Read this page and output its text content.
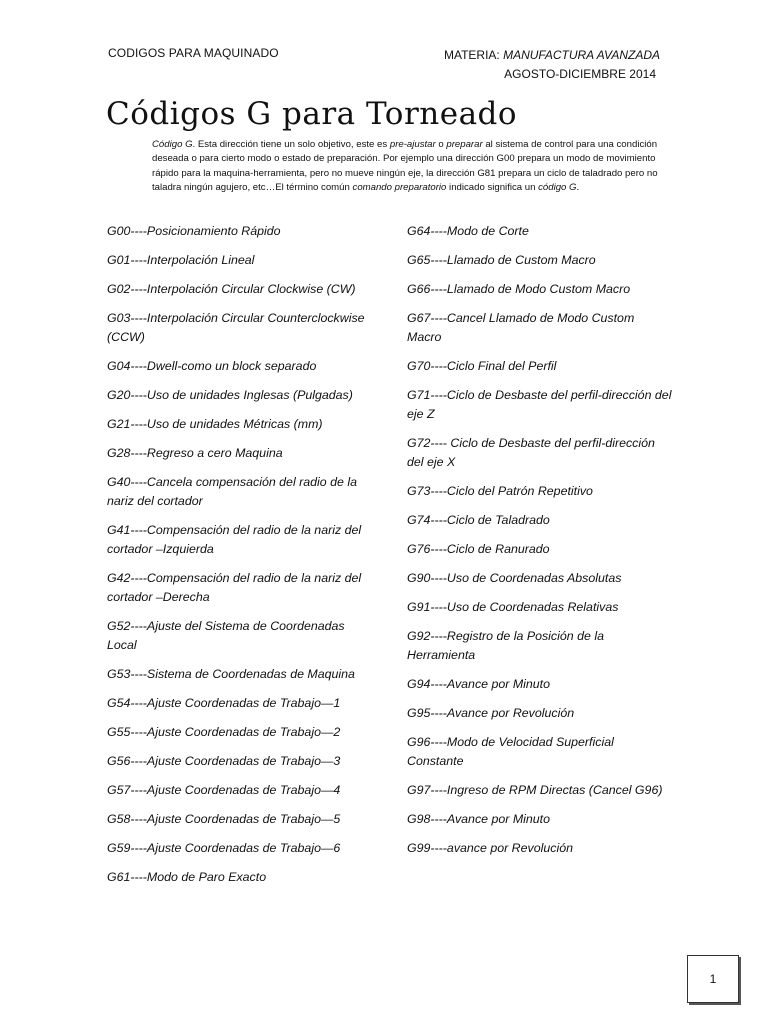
CODIGOS PARA MAQUINADO	MATERIA: MANUFACTURA AVANZADA
AGOSTO-DICIEMBRE 2014
Códigos G para Torneado

Código G. Esta dirección tiene un solo objetivo, este es pre-ajustar o preparar al sistema de control para una condición deseada o para cierto modo o estado de preparación. Por ejemplo una dirección G00 prepara un modo de movimiento rápido para la maquina-herramienta, pero no mueve ningún eje, la dirección G81 prepara un ciclo de taladrado pero no taladra ningún agujero, etc…El término común comando preparatorio indicado significa un código G.

G00----Posicionamiento Rápido
G01----Interpolación Lineal
G02----Interpolación Circular Clockwise (CW)
G03----Interpolación Circular Counterclockwise (CCW)
G04----Dwell-como un block separado
G20----Uso de unidades Inglesas (Pulgadas)
G21----Uso de unidades Métricas (mm)
G28----Regreso a cero Maquina
G40----Cancela compensación del radio de la nariz del cortador
G41----Compensación del radio de la nariz del cortador –Izquierda
G42----Compensación del radio de la nariz del cortador –Derecha
G52----Ajuste del Sistema de Coordenadas Local
G53----Sistema de Coordenadas de Maquina
G54----Ajuste Coordenadas de Trabajo—1
G55----Ajuste Coordenadas de Trabajo—2
G56----Ajuste Coordenadas de Trabajo—3
G57----Ajuste Coordenadas de Trabajo—4
G58----Ajuste Coordenadas de Trabajo—5
G59----Ajuste Coordenadas de Trabajo—6
G61----Modo de Paro Exacto
G64----Modo de Corte
G65----Llamado de Custom Macro
G66----Llamado de Modo Custom Macro
G67----Cancel Llamado de Modo Custom Macro
G70----Ciclo Final del Perfil
G71----Ciclo de Desbaste del perfil-dirección del eje Z
G72---- Ciclo de Desbaste del perfil-dirección del eje X
G73----Ciclo del Patrón Repetitivo
G74----Ciclo de Taladrado
G76----Ciclo de Ranurado
G90----Uso de Coordenadas Absolutas
G91----Uso de Coordenadas Relativas
G92----Registro de la Posición de la Herramienta
G94----Avance por Minuto
G95----Avance por Revolución
G96----Modo de Velocidad Superficial Constante
G97----Ingreso de RPM Directas (Cancel G96)
G98----Avance por Minuto
G99----avance por Revolución
1
